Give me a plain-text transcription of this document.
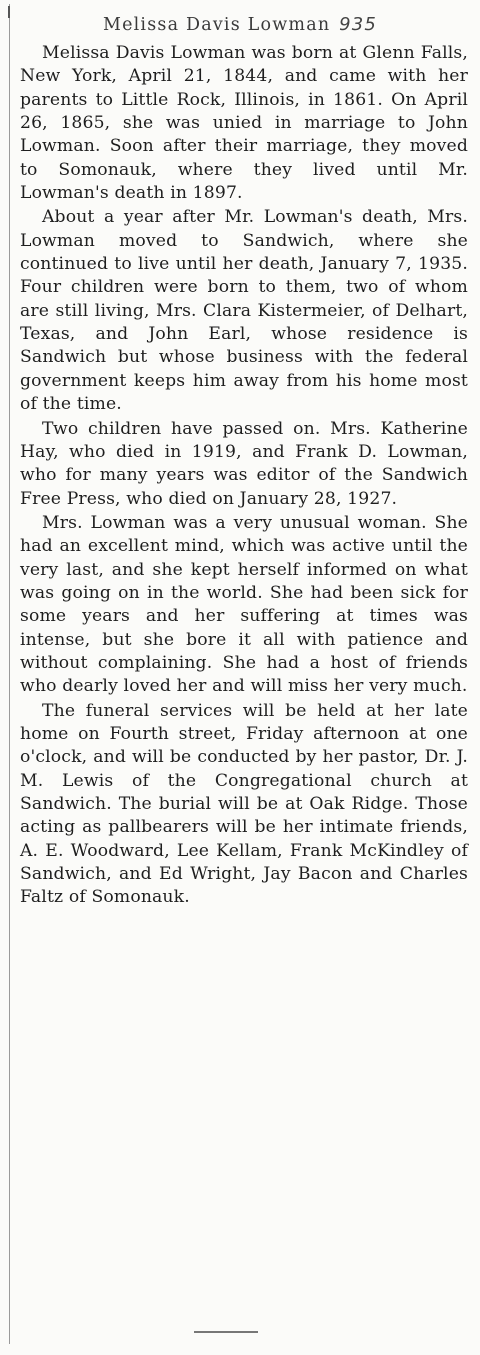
Melissa Davis Lowman 935

Melissa Davis Lowman was born at Glenn Falls, New York, April 21, 1844, and came with her parents to Little Rock, Illinois, in 1861. On April 26, 1865, she was unied in marriage to John Lowman. Soon after their marriage, they moved to Somonauk, where they lived until Mr. Lowman's death in 1897.

About a year after Mr. Lowman's death, Mrs. Lowman moved to Sandwich, where she continued to live until her death, January 7, 1935. Four children were born to them, two of whom are still living, Mrs. Clara Kistermeier, of Delhart, Texas, and John Earl, whose residence is Sandwich but whose business with the federal government keeps him away from his home most of the time.

Two children have passed on. Mrs. Katherine Hay, who died in 1919, and Frank D. Lowman, who for many years was editor of the Sandwich Free Press, who died on January 28, 1927.

Mrs. Lowman was a very unusual woman. She had an excellent mind, which was active until the very last, and she kept herself informed on what was going on in the world. She had been sick for some years and her suffering at times was intense, but she bore it all with patience and without complaining. She had a host of friends who dearly loved her and will miss her very much.

The funeral services will be held at her late home on Fourth street, Friday afternoon at one o'clock, and will be conducted by her pastor, Dr. J. M. Lewis of the Congregational church at Sandwich. The burial will be at Oak Ridge. Those acting as pallbearers will be her intimate friends, A. E. Woodward, Lee Kellam, Frank McKindley of Sandwich, and Ed Wright, Jay Bacon and Charles Faltz of Somonauk.
